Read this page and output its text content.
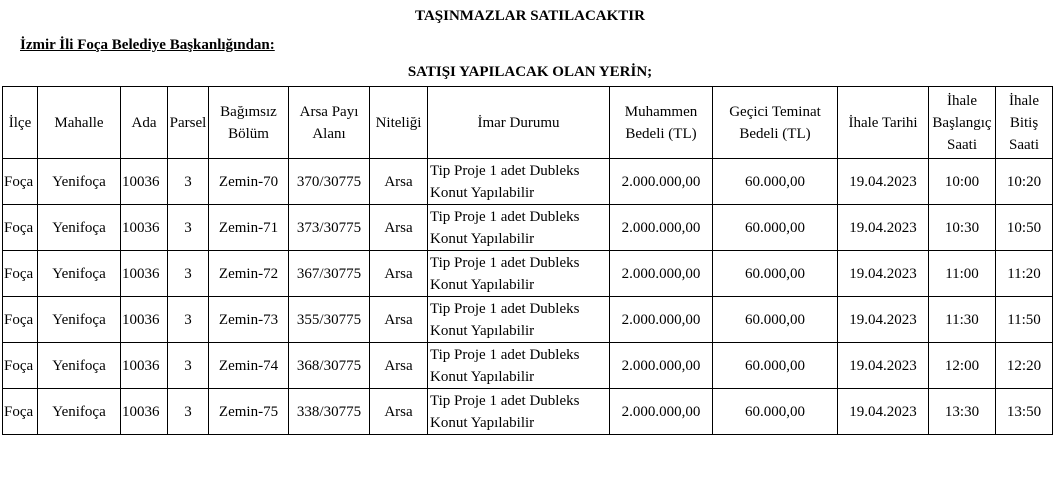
TAŞINMAZLAR SATILACAKTIR
İzmir İli Foça Belediye Başkanlığından:
SATIŞI YAPILACAK OLAN YERİN;
İlçe	Mahalle	Ada	Parsel	Bağımsız Bölüm	Arsa Payı Alanı	Niteliği	İmar Durumu	Muhammen Bedeli (TL)	Geçici Teminat Bedeli (TL)	İhale Tarihi	İhale Başlangıç Saati	İhale Bitiş Saati
Foça	Yenifoça	10036	3	Zemin-70	370/30775	Arsa	Tip Proje 1 adet Dubleks Konut Yapılabilir	2.000.000,00	60.000,00	19.04.2023	10:00	10:20
Foça	Yenifoça	10036	3	Zemin-71	373/30775	Arsa	Tip Proje 1 adet Dubleks Konut Yapılabilir	2.000.000,00	60.000,00	19.04.2023	10:30	10:50
Foça	Yenifoça	10036	3	Zemin-72	367/30775	Arsa	Tip Proje 1 adet Dubleks Konut Yapılabilir	2.000.000,00	60.000,00	19.04.2023	11:00	11:20
Foça	Yenifoça	10036	3	Zemin-73	355/30775	Arsa	Tip Proje 1 adet Dubleks Konut Yapılabilir	2.000.000,00	60.000,00	19.04.2023	11:30	11:50
Foça	Yenifoça	10036	3	Zemin-74	368/30775	Arsa	Tip Proje 1 adet Dubleks Konut Yapılabilir	2.000.000,00	60.000,00	19.04.2023	12:00	12:20
Foça	Yenifoça	10036	3	Zemin-75	338/30775	Arsa	Tip Proje 1 adet Dubleks Konut Yapılabilir	2.000.000,00	60.000,00	19.04.2023	13:30	13:50
